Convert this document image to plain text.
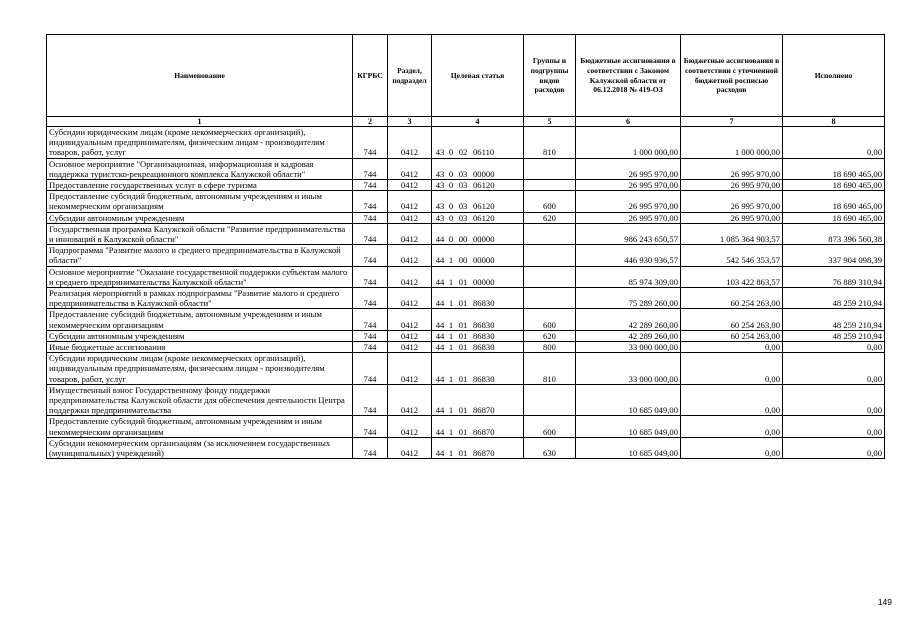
Наименование	КГРБС	Раздел, подраздел	Целевая статья	Группы и подгруппы видов расходов	Бюджетные ассигнования в соответствии с Законом Калужской области от 06.12.2018 № 419-ОЗ	Бюджетные ассигнования в соответствии с уточненной бюджетной росписью расходов	Исполнено
1	2	3	4	5	6	7	8
Субсидии юридическим лицам (кроме некоммерческих организаций), индивидуальным предпринимателям, физическим лицам - производителям товаров, работ, услуг	744	0412	43 0 02 06110	810	1 000 000,00	1 000 000,00	0,00
Основное мероприятие "Организационная, информационная и кадровая поддержка туристско-рекреационного комплекса Калужской области"	744	0412	43 0 03 00000		26 995 970,00	26 995 970,00	18 690 465,00
Предоставление государственных услуг в сфере туризма	744	0412	43 0 03 06120		26 995 970,00	26 995 970,00	18 690 465,00
Предоставление субсидий бюджетным, автономным учреждениям и иным некоммерческим организациям	744	0412	43 0 03 06120	600	26 995 970,00	26 995 970,00	18 690 465,00
Субсидии автономным учреждениям	744	0412	43 0 03 06120	620	26 995 970,00	26 995 970,00	18 690 465,00
Государственная программа Калужской области "Развитие предпринимательства и инноваций в Калужской области"	744	0412	44 0 00 00000		986 243 650,57	1 085 364 903,57	873 396 560,38
Подпрограмма "Развитие малого и среднего предпринимательства в Калужской области"	744	0412	44 1 00 00000		446 930 936,57	542 546 353,57	337 904 098,39
Основное мероприятие "Оказание государственной поддержки субъектам малого и среднего предпринимательства Калужской области"	744	0412	44 1 01 00000		85 974 309,00	103 422 863,57	76 889 310,94
Реализация мероприятий в рамках подпрограммы "Развитие малого и среднего предпринимательства в Калужской области"	744	0412	44 1 01 86830		75 289 260,00	60 254 263,00	48 259 210,94
Предоставление субсидий бюджетным, автономным учреждениям и иным некоммерческим организациям	744	0412	44 1 01 86830	600	42 289 260,00	60 254 263,00	48 259 210,94
Субсидии автономным учреждениям	744	0412	44 1 01 86830	620	42 289 260,00	60 254 263,00	48 259 210,94
Иные бюджетные ассигнования	744	0412	44 1 01 86830	800	33 000 000,00	0,00	0,00
Субсидии юридическим лицам (кроме некоммерческих организаций), индивидуальным предпринимателям, физическим лицам - производителям товаров, работ, услуг	744	0412	44 1 01 86830	810	33 000 000,00	0,00	0,00
Имущественный взнос Государственному фонду поддержки предпринимательства Калужской области для обеспечения деятельности Центра поддержки предпринимательства	744	0412	44 1 01 86870		10 685 049,00	0,00	0,00
Предоставление субсидий бюджетным, автономным учреждениям и иным некоммерческим организациям	744	0412	44 1 01 86870	600	10 685 049,00	0,00	0,00
Субсидии некоммерческим организациям (за исключением государственных (муниципальных) учреждений)	744	0412	44 1 01 86870	630	10 685 049,00	0,00	0,00
149
